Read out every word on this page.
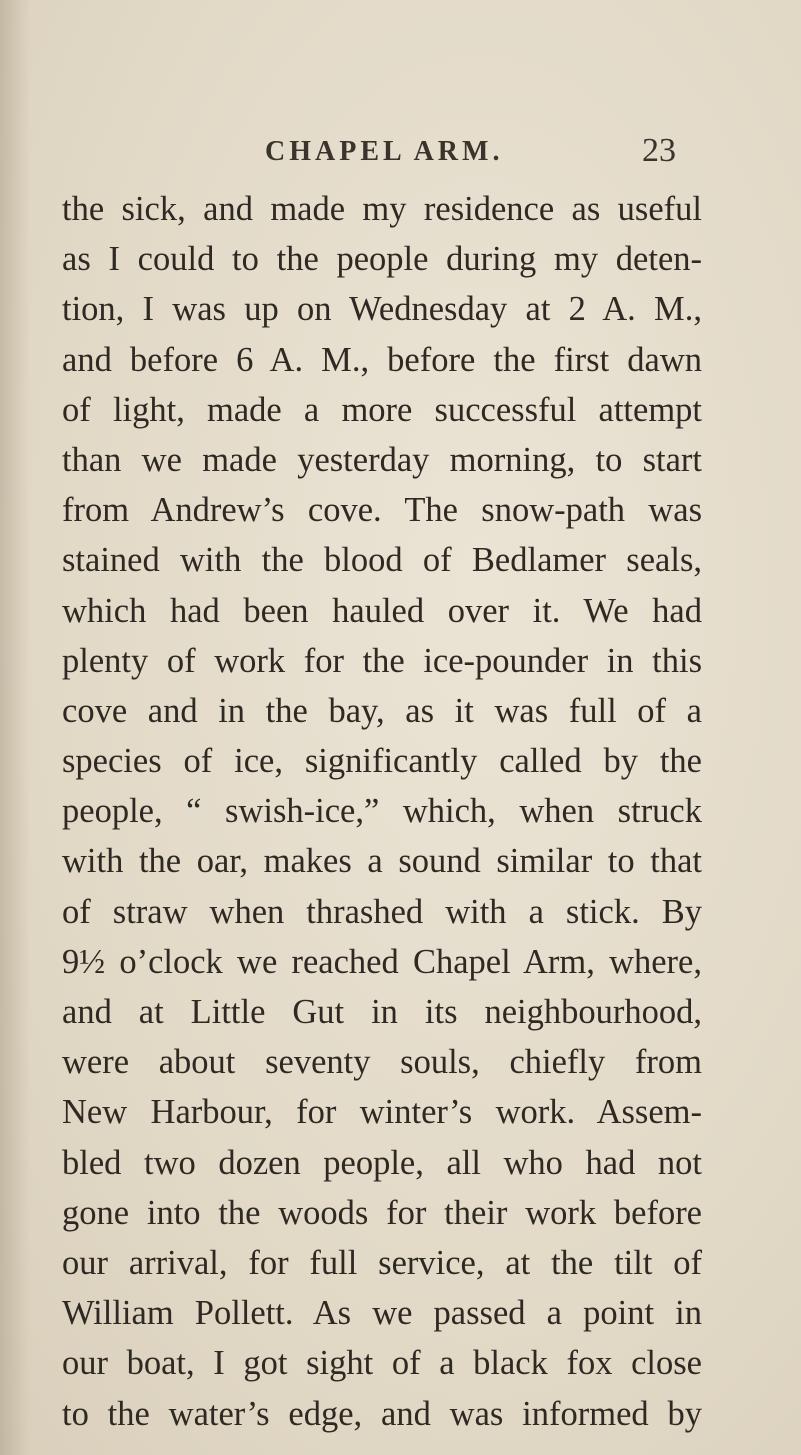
CHAPEL ARM.	23
the sick, and made my residence as useful
as I could to the people during my deten-
tion, I was up on Wednesday at 2 A. M.,
and before 6 A. M., before the first dawn
of light, made a more successful attempt
than we made yesterday morning, to start
from Andrew’s cove. The snow-path was
stained with the blood of Bedlamer seals,
which had been hauled over it. We had
plenty of work for the ice-pounder in this
cove and in the bay, as it was full of a
species of ice, significantly called by the
people, “ swish-ice,” which, when struck
with the oar, makes a sound similar to that
of straw when thrashed with a stick. By
9½ o’clock we reached Chapel Arm, where,
and at Little Gut in its neighbourhood,
were about seventy souls, chiefly from
New Harbour, for winter’s work. Assem-
bled two dozen people, all who had not
gone into the woods for their work before
our arrival, for full service, at the tilt of
William Pollett. As we passed a point in
our boat, I got sight of a black fox close
to the water’s edge, and was informed by
